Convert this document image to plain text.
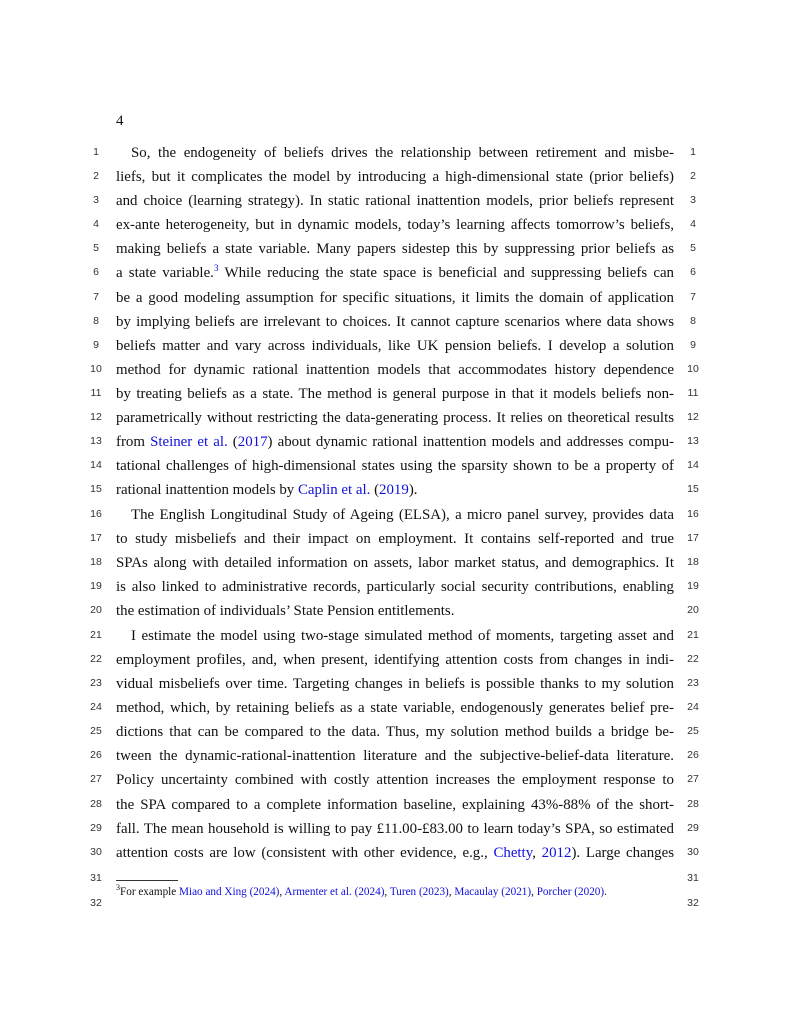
4
1	1
2	2
3	3
4	4
5	5
6	6
7	7
8	8
9	9
10	10
11	11
12	12
13	13
14	14
15	15
16	16
17	17
18	18
19	19
20	20
21	21
22	22
23	23
24	24
25	25
26	26
27	27
28	28
29	29
30	30
31	31
32	32
So, the endogeneity of beliefs drives the relationship between retirement and misbe-
liefs, but it complicates the model by introducing a high-dimensional state (prior beliefs)
and choice (learning strategy). In static rational inattention models, prior beliefs represent
ex-ante heterogeneity, but in dynamic models, today’s learning affects tomorrow’s beliefs,
making beliefs a state variable. Many papers sidestep this by suppressing prior beliefs as
a state variable.$^3$ While reducing the state space is beneficial and suppressing beliefs can
be a good modeling assumption for specific situations, it limits the domain of application
by implying beliefs are irrelevant to choices. It cannot capture scenarios where data shows
beliefs matter and vary across individuals, like UK pension beliefs. I develop a solution
method for dynamic rational inattention models that accommodates history dependence
by treating beliefs as a state. The method is general purpose in that it models beliefs non-
parametrically without restricting the data-generating process. It relies on theoretical results
from Steiner et al. (2017) about dynamic rational inattention models and addresses compu-
tational challenges of high-dimensional states using the sparsity shown to be a property of
rational inattention models by Caplin et al. (2019).
The English Longitudinal Study of Ageing (ELSA), a micro panel survey, provides data
to study misbeliefs and their impact on employment. It contains self-reported and true
SPAs along with detailed information on assets, labor market status, and demographics. It
is also linked to administrative records, particularly social security contributions, enabling
the estimation of individuals’ State Pension entitlements.
I estimate the model using two-stage simulated method of moments, targeting asset and
employment profiles, and, when present, identifying attention costs from changes in indi-
vidual misbeliefs over time. Targeting changes in beliefs is possible thanks to my solution
method, which, by retaining beliefs as a state variable, endogenously generates belief pre-
dictions that can be compared to the data. Thus, my solution method builds a bridge be-
tween the dynamic-rational-inattention literature and the subjective-belief-data literature.
Policy uncertainty combined with costly attention increases the employment response to
the SPA compared to a complete information baseline, explaining 43%-88% of the short-
fall. The mean household is willing to pay £11.00-£83.00 to learn today’s SPA, so estimated
attention costs are low (consistent with other evidence, e.g., Chetty, 2012). Large changes
$^3$For example Miao and Xing (2024), Armenter et al. (2024), Turen (2023), Macaulay (2021), Porcher (2020).
